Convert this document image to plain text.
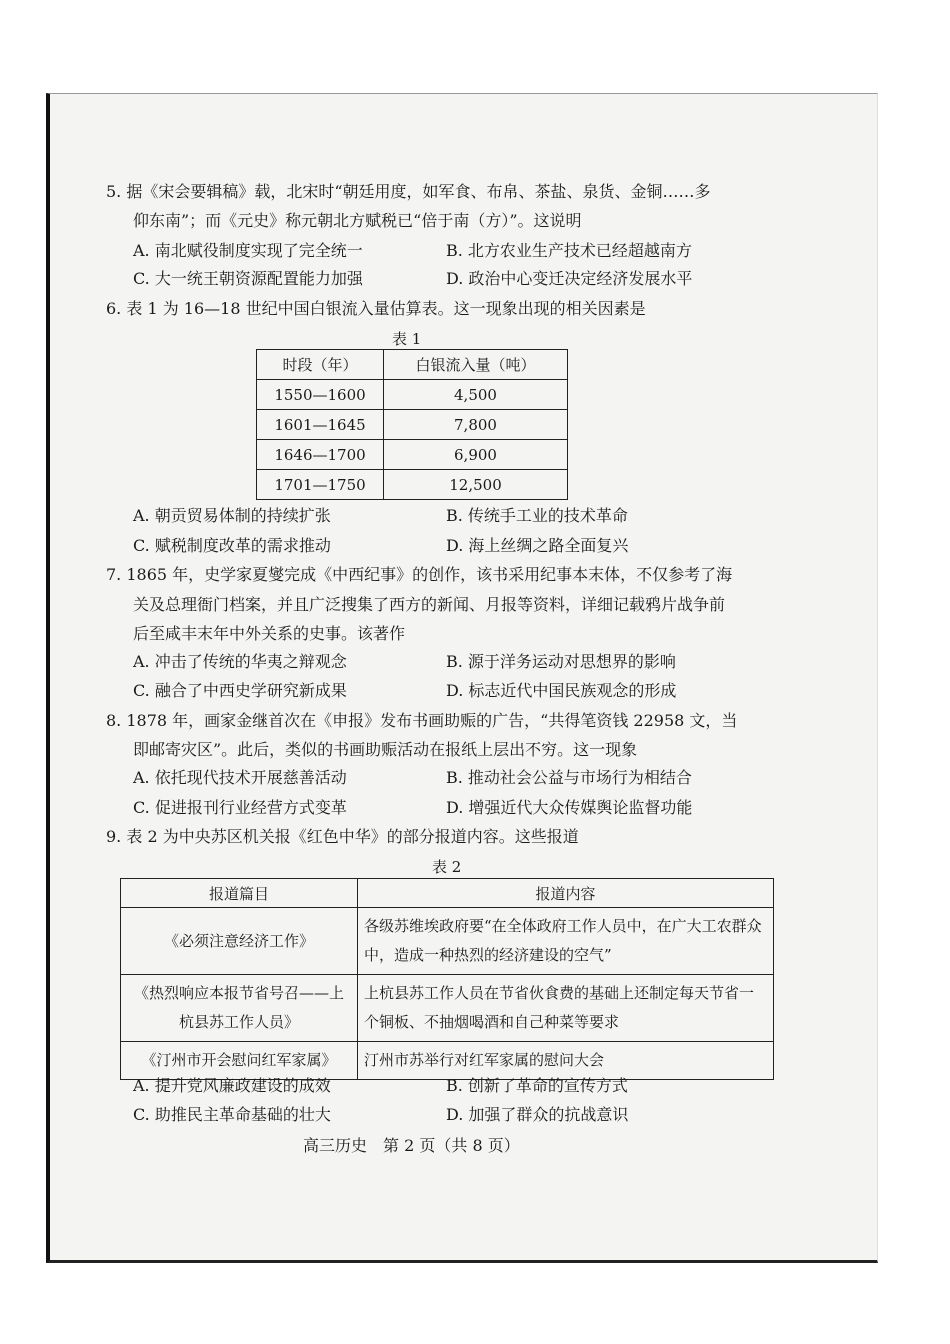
5. 据《宋会要辑稿》载，北宋时“朝廷用度，如军食、布帛、茶盐、泉货、金铜……多
仰东南”；而《元史》称元朝北方赋税已“倍于南（方）”。这说明
A. 南北赋役制度实现了完全统一	B. 北方农业生产技术已经超越南方
C. 大一统王朝资源配置能力加强	D. 政治中心变迁决定经济发展水平
6. 表 1 为 16—18 世纪中国白银流入量估算表。这一现象出现的相关因素是
表 1
时段（年）	白银流入量（吨）
1550—1600	4,500
1601—1645	7,800
1646—1700	6,900
1701—1750	12,500
A. 朝贡贸易体制的持续扩张	B. 传统手工业的技术革命
C. 赋税制度改革的需求推动	D. 海上丝绸之路全面复兴
7. 1865 年，史学家夏燮完成《中西纪事》的创作，该书采用纪事本末体，不仅参考了海
关及总理衙门档案，并且广泛搜集了西方的新闻、月报等资料，详细记载鸦片战争前
后至咸丰末年中外关系的史事。该著作
A. 冲击了传统的华夷之辩观念	B. 源于洋务运动对思想界的影响
C. 融合了中西史学研究新成果	D. 标志近代中国民族观念的形成
8. 1878 年，画家金继首次在《申报》发布书画助赈的广告，“共得笔资钱 22958 文，当
即邮寄灾区”。此后，类似的书画助赈活动在报纸上层出不穷。这一现象
A. 依托现代技术开展慈善活动	B. 推动社会公益与市场行为相结合
C. 促进报刊行业经营方式变革	D. 增强近代大众传媒舆论监督功能
9. 表 2 为中央苏区机关报《红色中华》的部分报道内容。这些报道
表 2
报道篇目	报道内容
《必须注意经济工作》	各级苏维埃政府要“在全体政府工作人员中，在广大工农群众中，造成一种热烈的经济建设的空气”
《热烈响应本报节省号召——上杭县苏工作人员》	上杭县苏工作人员在节省伙食费的基础上还制定每天节省一个铜板、不抽烟喝酒和自己种菜等要求
《汀州市开会慰问红军家属》	汀州市苏举行对红军家属的慰问大会
A. 提升党风廉政建设的成效	B. 创新了革命的宣传方式
C. 助推民主革命基础的壮大	D. 加强了群众的抗战意识
高三历史　第 2 页（共 8 页）
